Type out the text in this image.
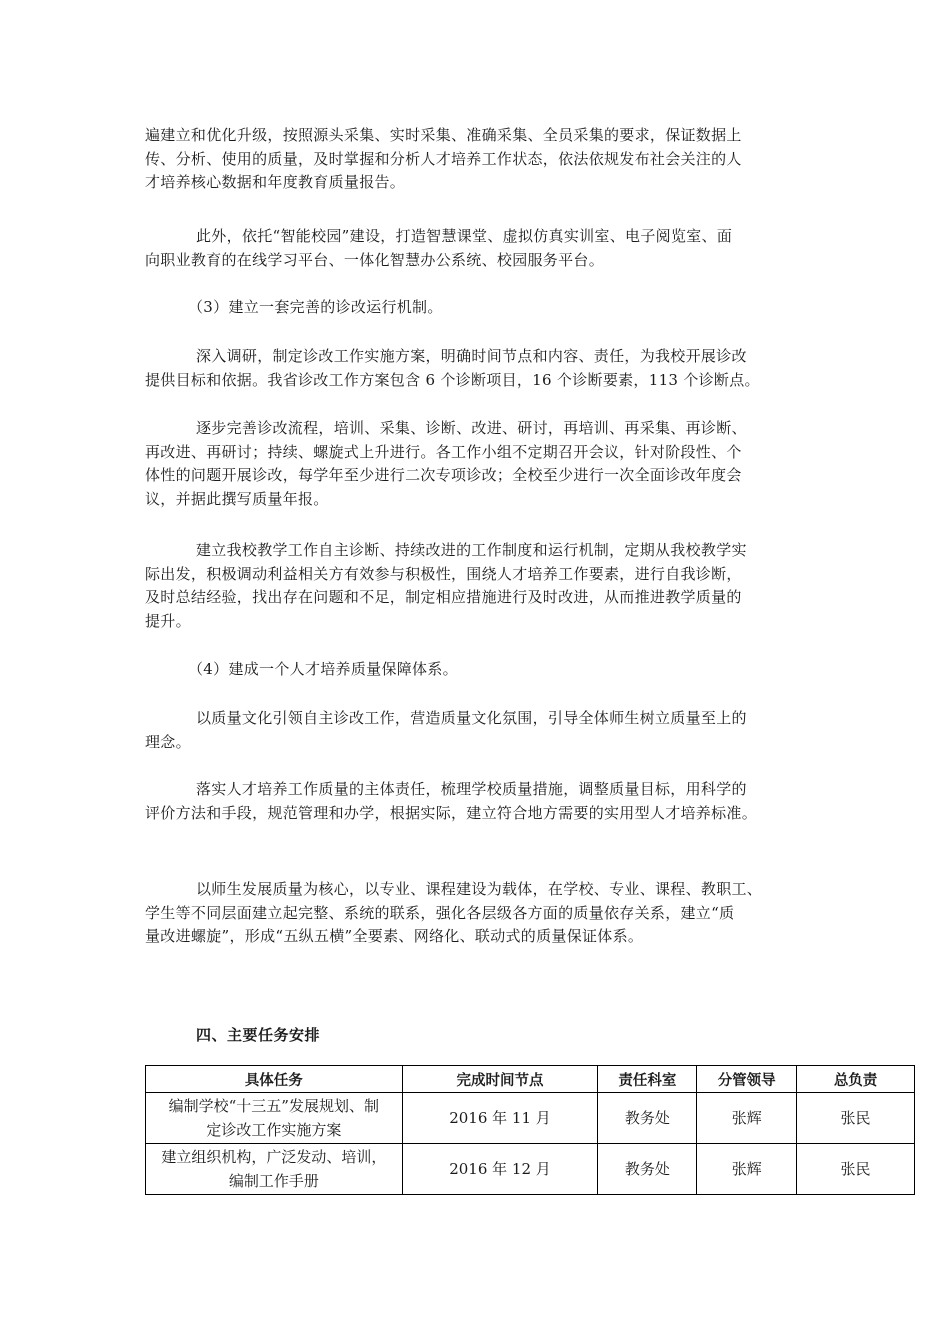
遍建立和优化升级，按照源头采集、实时采集、准确采集、全员采集的要求，保证数据上
传、分析、使用的质量，及时掌握和分析人才培养工作状态，依法依规发布社会关注的人
才培养核心数据和年度教育质量报告。
此外，依托“智能校园”建设，打造智慧课堂、虚拟仿真实训室、电子阅览室、面
向职业教育的在线学习平台、一体化智慧办公系统、校园服务平台。
（3）建立一套完善的诊改运行机制。
深入调研，制定诊改工作实施方案，明确时间节点和内容、责任，为我校开展诊改
提供目标和依据。我省诊改工作方案包含 6 个诊断项目，16 个诊断要素，113 个诊断点。
逐步完善诊改流程，培训、采集、诊断、改进、研讨，再培训、再采集、再诊断、
再改进、再研讨；持续、螺旋式上升进行。各工作小组不定期召开会议，针对阶段性、个
体性的问题开展诊改，每学年至少进行二次专项诊改；全校至少进行一次全面诊改年度会
议，并据此撰写质量年报。
建立我校教学工作自主诊断、持续改进的工作制度和运行机制，定期从我校教学实
际出发，积极调动利益相关方有效参与积极性，围绕人才培养工作要素，进行自我诊断，
及时总结经验，找出存在问题和不足，制定相应措施进行及时改进，从而推进教学质量的
提升。
（4）建成一个人才培养质量保障体系。
以质量文化引领自主诊改工作，营造质量文化氛围，引导全体师生树立质量至上的
理念。
落实人才培养工作质量的主体责任，梳理学校质量措施，调整质量目标，用科学的
评价方法和手段，规范管理和办学，根据实际，建立符合地方需要的实用型人才培养标准。
以师生发展质量为核心，以专业、课程建设为载体，在学校、专业、课程、教职工、
学生等不同层面建立起完整、系统的联系，强化各层级各方面的质量依存关系，建立“质
量改进螺旋”，形成“五纵五横”全要素、网络化、联动式的质量保证体系。
四、主要任务安排
具体任务	完成时间节点	责任科室	分管领导	总负责

编制学校“十三五”发展规划、制
定诊改工作实施方案	2016 年 11 月	教务处	张辉	张民

建立组织机构，广泛发动、培训，
编制工作手册	2016 年 12 月	教务处	张辉	张民
